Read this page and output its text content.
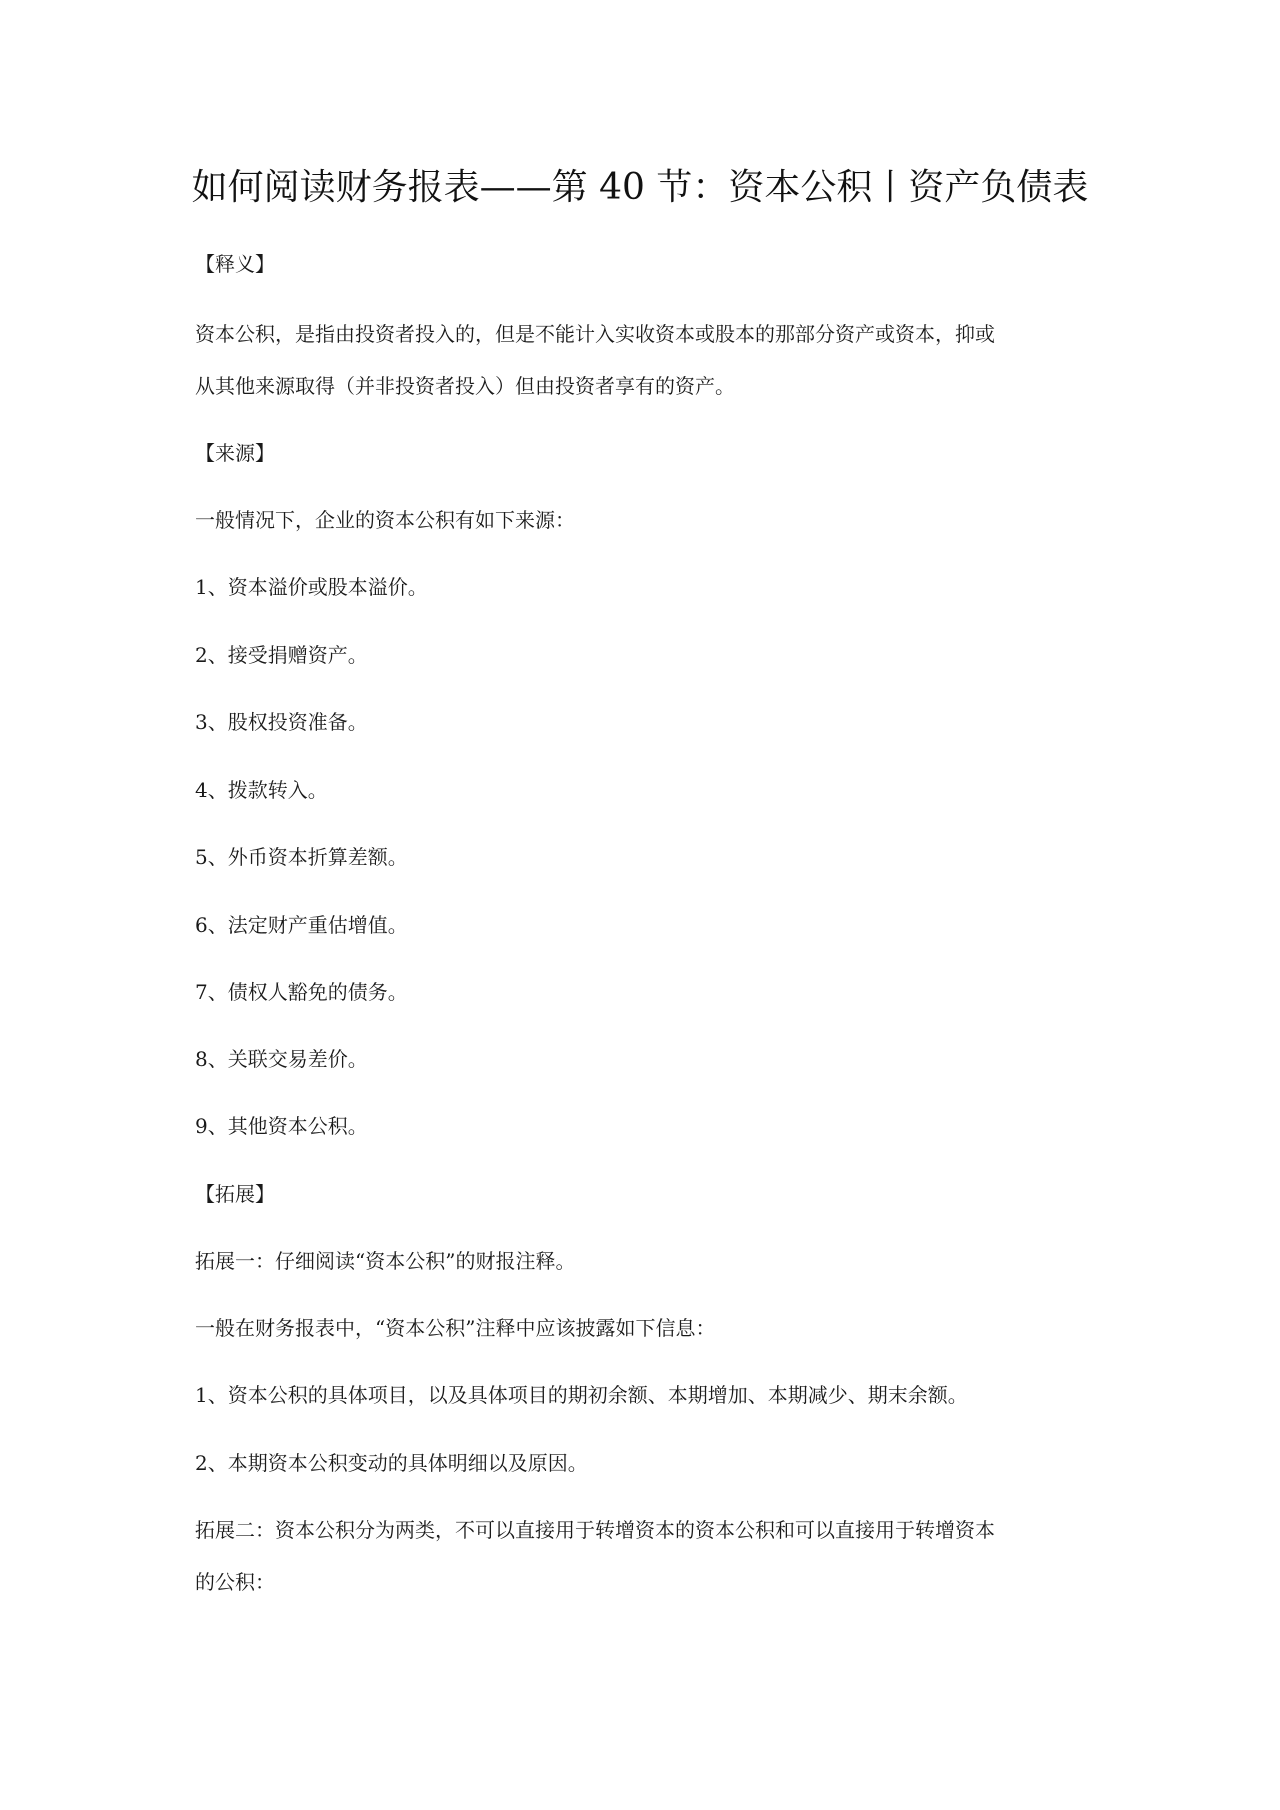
如何阅读财务报表——第 40 节：资本公积丨资产负债表

【释义】

资本公积，是指由投资者投入的，但是不能计入实收资本或股本的那部分资产或资本，抑或

从其他来源取得（并非投资者投入）但由投资者享有的资产。

【来源】

一般情况下，企业的资本公积有如下来源：

1、资本溢价或股本溢价。

2、接受捐赠资产。

3、股权投资准备。

4、拨款转入。

5、外币资本折算差额。

6、法定财产重估增值。

7、债权人豁免的债务。

8、关联交易差价。

9、其他资本公积。

【拓展】

拓展一：仔细阅读“资本公积”的财报注释。

一般在财务报表中，“资本公积”注释中应该披露如下信息：

1、资本公积的具体项目，以及具体项目的期初余额、本期增加、本期减少、期末余额。

2、本期资本公积变动的具体明细以及原因。

拓展二：资本公积分为两类，不可以直接用于转增资本的资本公积和可以直接用于转增资本

的公积：
